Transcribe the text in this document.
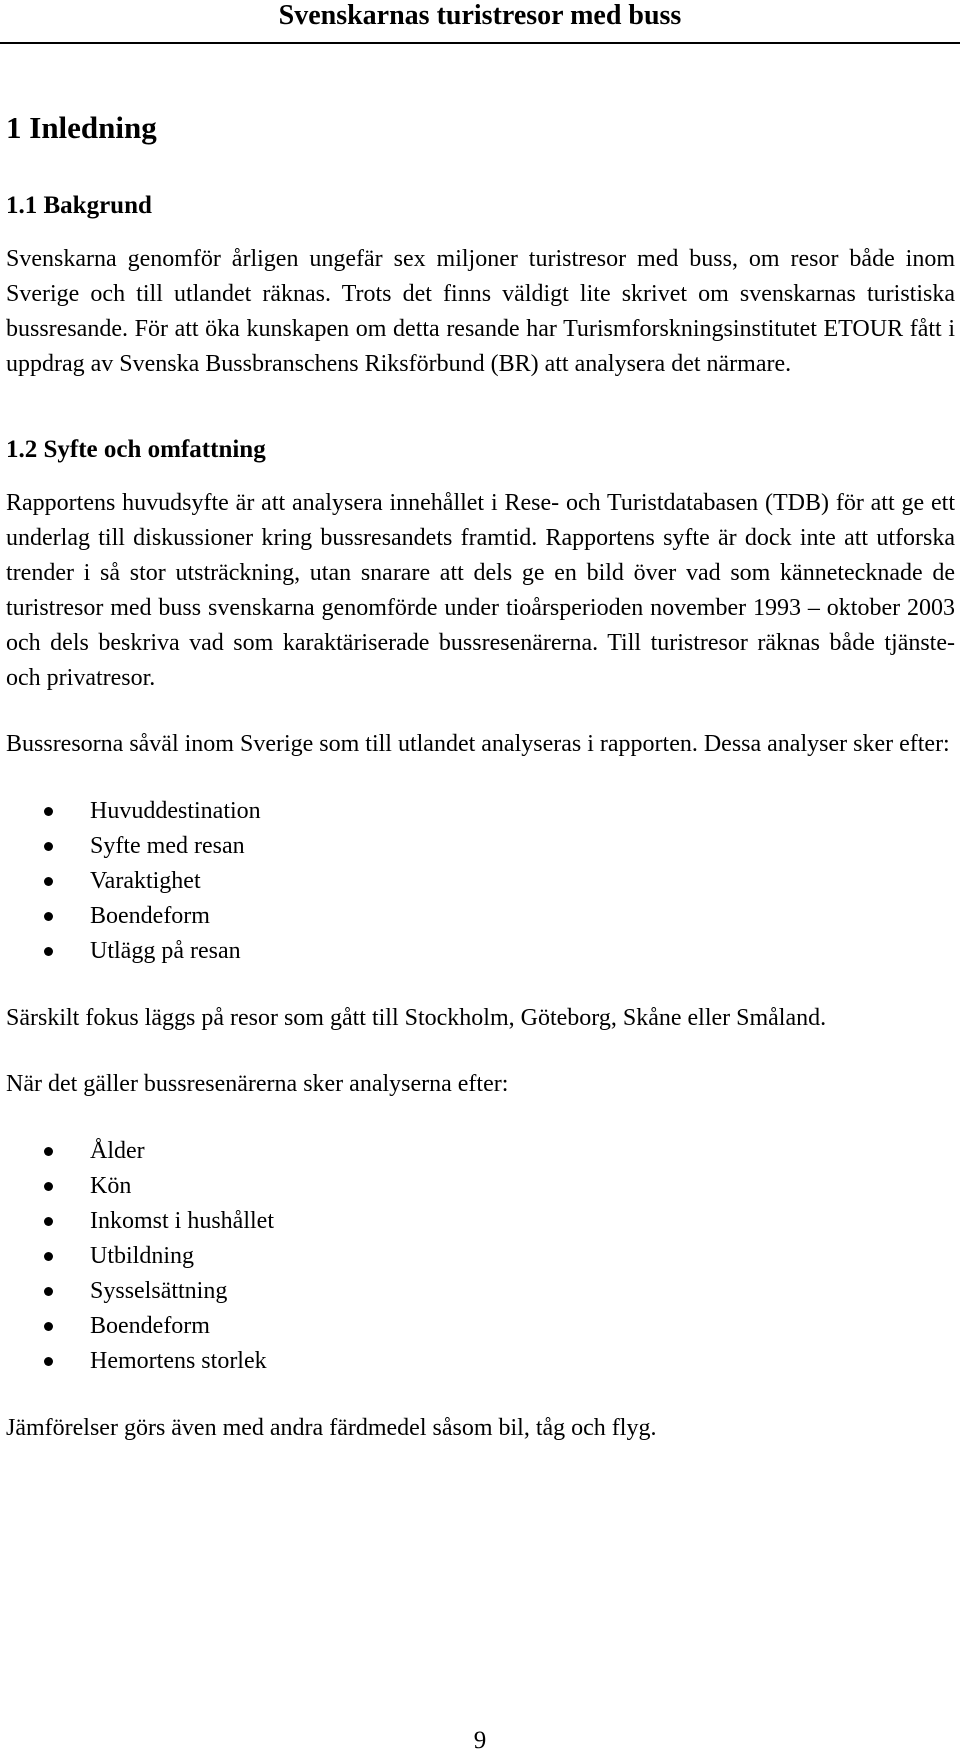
Svenskarnas turistresor med buss
1 Inledning
1.1 Bakgrund

Svenskarna genomför årligen ungefär sex miljoner turistresor med buss, om resor både inom Sverige och till utlandet räknas. Trots det finns väldigt lite skrivet om svenskarnas turistiska bussresande. För att öka kunskapen om detta resande har Turismforskningsinstitutet ETOUR fått i uppdrag av Svenska Bussbranschens Riksförbund (BR) att analysera det närmare.

1.2 Syfte och omfattning

Rapportens huvudsyfte är att analysera innehållet i Rese- och Turistdatabasen (TDB) för att ge ett underlag till diskussioner kring bussresandets framtid. Rapportens syfte är dock inte att utforska trender i så stor utsträckning, utan snarare att dels ge en bild över vad som kännetecknade de turistresor med buss svenskarna genomförde under tioårsperioden november 1993 – oktober 2003 och dels beskriva vad som karaktäriserade bussresenärerna. Till turistresor räknas både tjänste- och privatresor.

Bussresorna såväl inom Sverige som till utlandet analyseras i rapporten. Dessa analyser sker efter:

Huvuddestination
Syfte med resan
Varaktighet
Boendeform
Utlägg på resan

Särskilt fokus läggs på resor som gått till Stockholm, Göteborg, Skåne eller Småland.

När det gäller bussresenärerna sker analyserna efter:

Ålder
Kön
Inkomst i hushållet
Utbildning
Sysselsättning
Boendeform
Hemortens storlek

Jämförelser görs även med andra färdmedel såsom bil, tåg och flyg.

9
